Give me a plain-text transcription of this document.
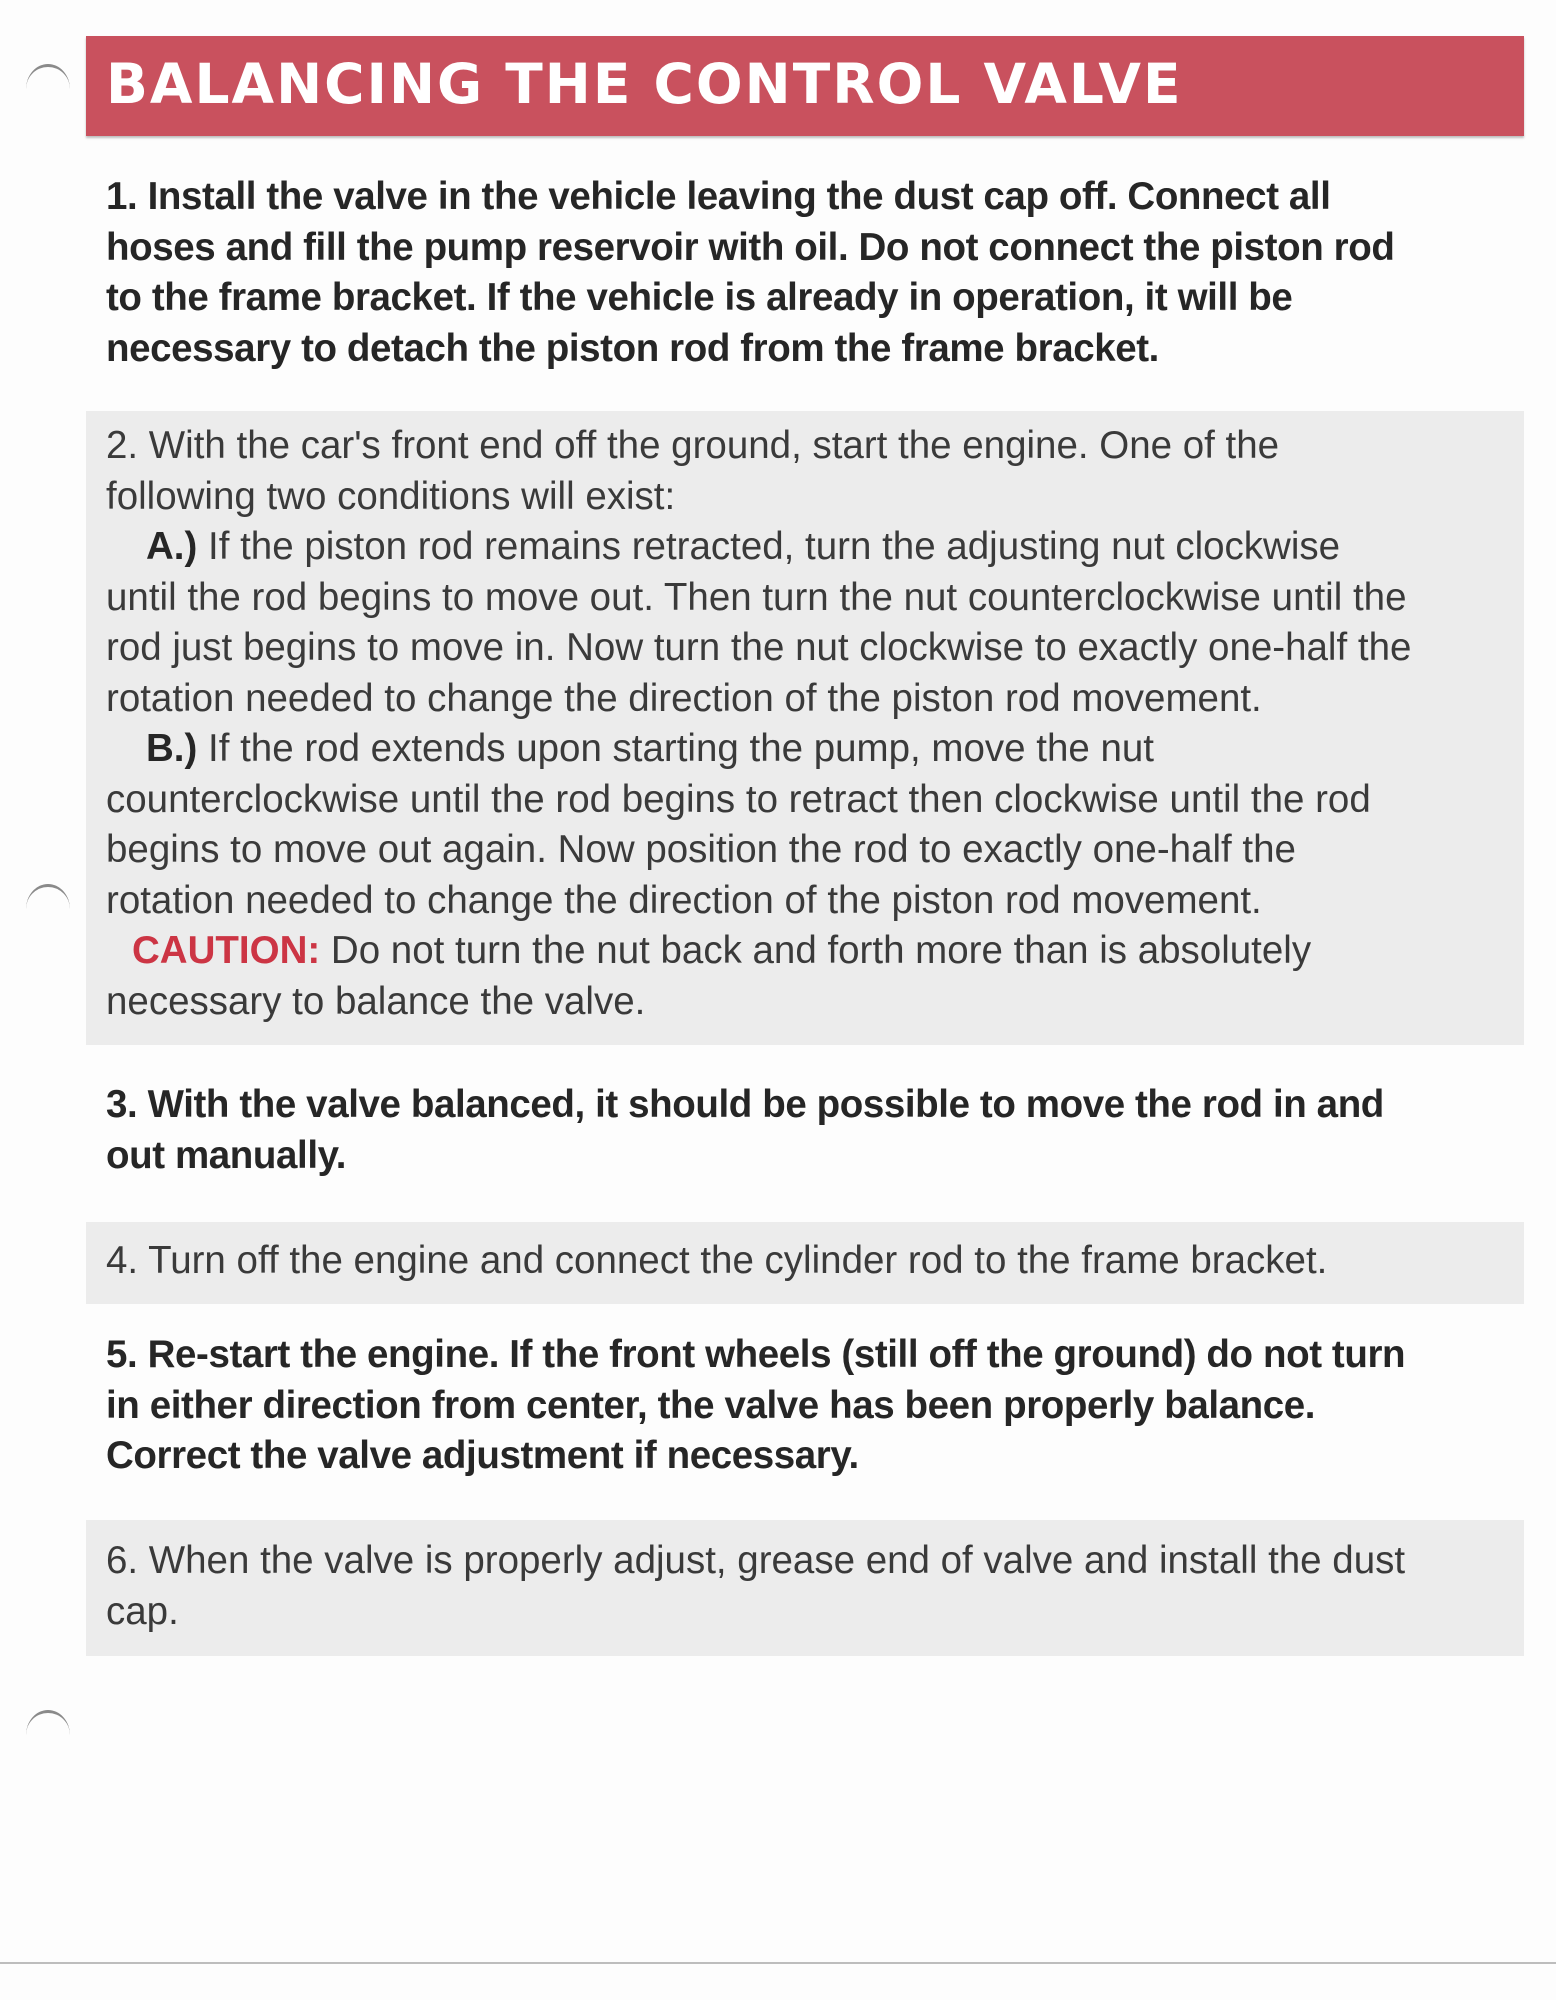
BALANCING THE CONTROL VALVE
1. Install the valve in the vehicle leaving the dust cap off. Connect all
hoses and fill the pump reservoir with oil. Do not connect the piston rod
to the frame bracket. If the vehicle is already in operation, it will be
necessary to detach the piston rod from the frame bracket.
2. With the car's front end off the ground, start the engine. One of the
following two conditions will exist:
A.) If the piston rod remains retracted, turn the adjusting nut clockwise
until the rod begins to move out. Then turn the nut counterclockwise until the
rod just begins to move in. Now turn the nut clockwise to exactly one-half the
rotation needed to change the direction of the piston rod movement.
B.) If the rod extends upon starting the pump, move the nut
counterclockwise until the rod begins to retract then clockwise until the rod
begins to move out again. Now position the rod to exactly one-half the
rotation needed to change the direction of the piston rod movement.
CAUTION: Do not turn the nut back and forth more than is absolutely
necessary to balance the valve.
3. With the valve balanced, it should be possible to move the rod in and
out manually.
4. Turn off the engine and connect the cylinder rod to the frame bracket.
5. Re-start the engine. If the front wheels (still off the ground) do not turn
in either direction from center, the valve has been properly balance.
Correct the valve adjustment if necessary.
6. When the valve is properly adjust, grease end of valve and install the dust
cap.
